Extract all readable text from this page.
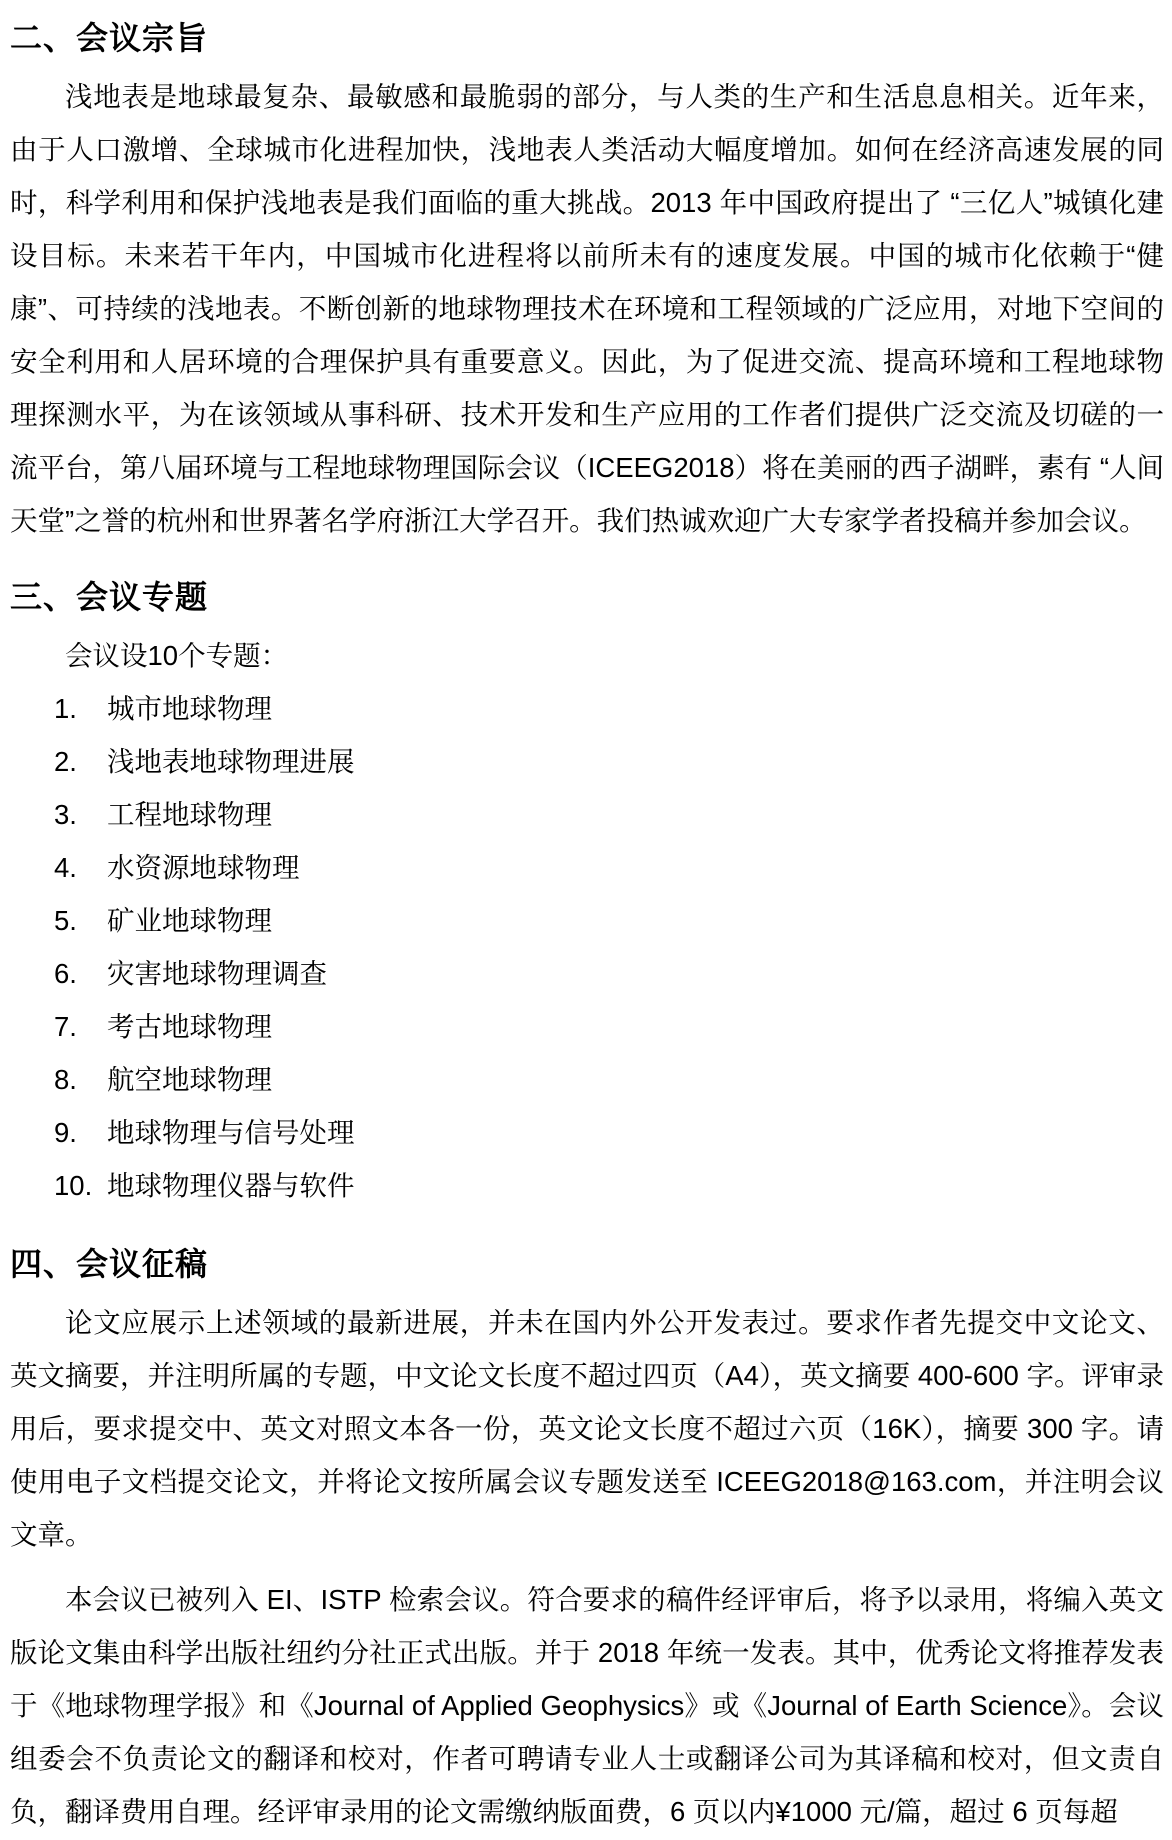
二、会议宗旨

浅地表是地球最复杂、最敏感和最脆弱的部分，与人类的生产和生活息息相关。近年来，由于人口激增、全球城市化进程加快，浅地表人类活动大幅度增加。如何在经济高速发展的同时，科学利用和保护浅地表是我们面临的重大挑战。2013 年中国政府提出了 “三亿人”城镇化建设目标。未来若干年内，中国城市化进程将以前所未有的速度发展。中国的城市化依赖于“健康”、可持续的浅地表。不断创新的地球物理技术在环境和工程领域的广泛应用，对地下空间的安全利用和人居环境的合理保护具有重要意义。因此，为了促进交流、提高环境和工程地球物理探测水平，为在该领域从事科研、技术开发和生产应用的工作者们提供广泛交流及切磋的一流平台，第八届环境与工程地球物理国际会议（ICEEG2018）将在美丽的西子湖畔，素有 “人间天堂”之誉的杭州和世界著名学府浙江大学召开。我们热诚欢迎广大专家学者投稿并参加会议。

三、会议专题

会议设10个专题：

1. 城市地球物理
2. 浅地表地球物理进展
3. 工程地球物理
4. 水资源地球物理
5. 矿业地球物理
6. 灾害地球物理调查
7. 考古地球物理
8. 航空地球物理
9. 地球物理与信号处理
10. 地球物理仪器与软件
四、会议征稿

论文应展示上述领域的最新进展，并未在国内外公开发表过。要求作者先提交中文论文、英文摘要，并注明所属的专题，中文论文长度不超过四页（A4），英文摘要 400-600 字。评审录用后，要求提交中、英文对照文本各一份，英文论文长度不超过六页（16K），摘要 300 字。请使用电子文档提交论文，并将论文按所属会议专题发送至 ICEEG2018@163.com，并注明会议文章。

本会议已被列入 EI、ISTP 检索会议。符合要求的稿件经评审后，将予以录用，将编入英文版论文集由科学出版社纽约分社正式出版。并于 2018 年统一发表。其中，优秀论文将推荐发表于《地球物理学报》和《Journal of Applied Geophysics》或《Journal of Earth Science》。会议组委会不负责论文的翻译和校对，作者可聘请专业人士或翻译公司为其译稿和校对，但文责自负，翻译费用自理。经评审录用的论文需缴纳版面费，6 页以内¥1000 元/篇，超过 6 页每超
